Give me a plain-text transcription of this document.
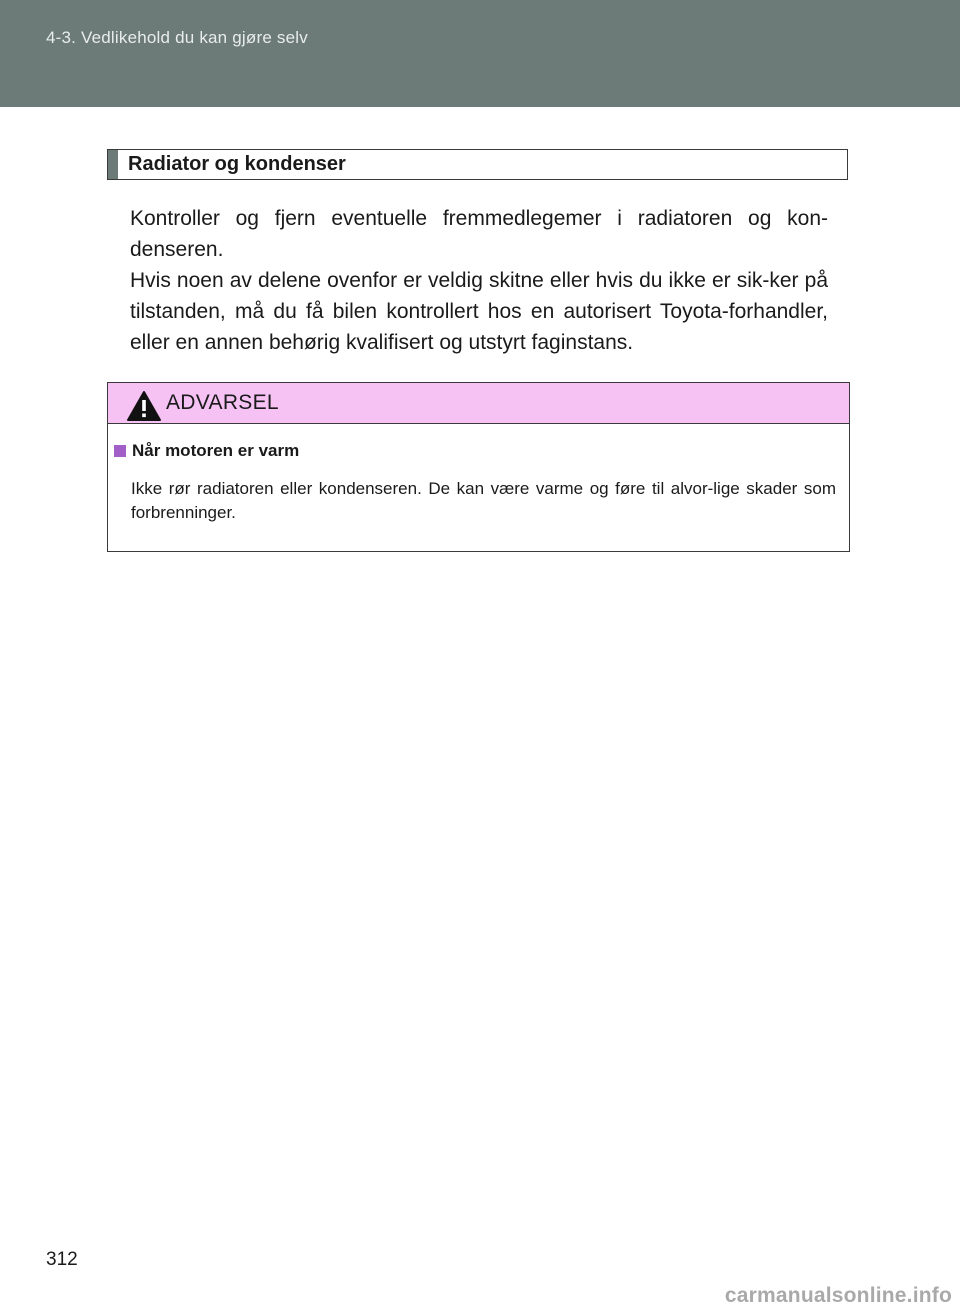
4-3. Vedlikehold du kan gjøre selv
Radiator og kondenser

Kontroller og fjern eventuelle fremmedlegemer i radiatoren og kon-denseren.

Hvis noen av delene ovenfor er veldig skitne eller hvis du ikke er sik-ker på tilstanden, må du få bilen kontrollert hos en autorisert Toyota-forhandler, eller en annen behørig kvalifisert og utstyrt faginstans.

ADVARSEL
Når motoren er varm
Ikke rør radiatoren eller kondenseren. De kan være varme og føre til alvor-lige skader som forbrenninger.
312
carmanualsonline.info
